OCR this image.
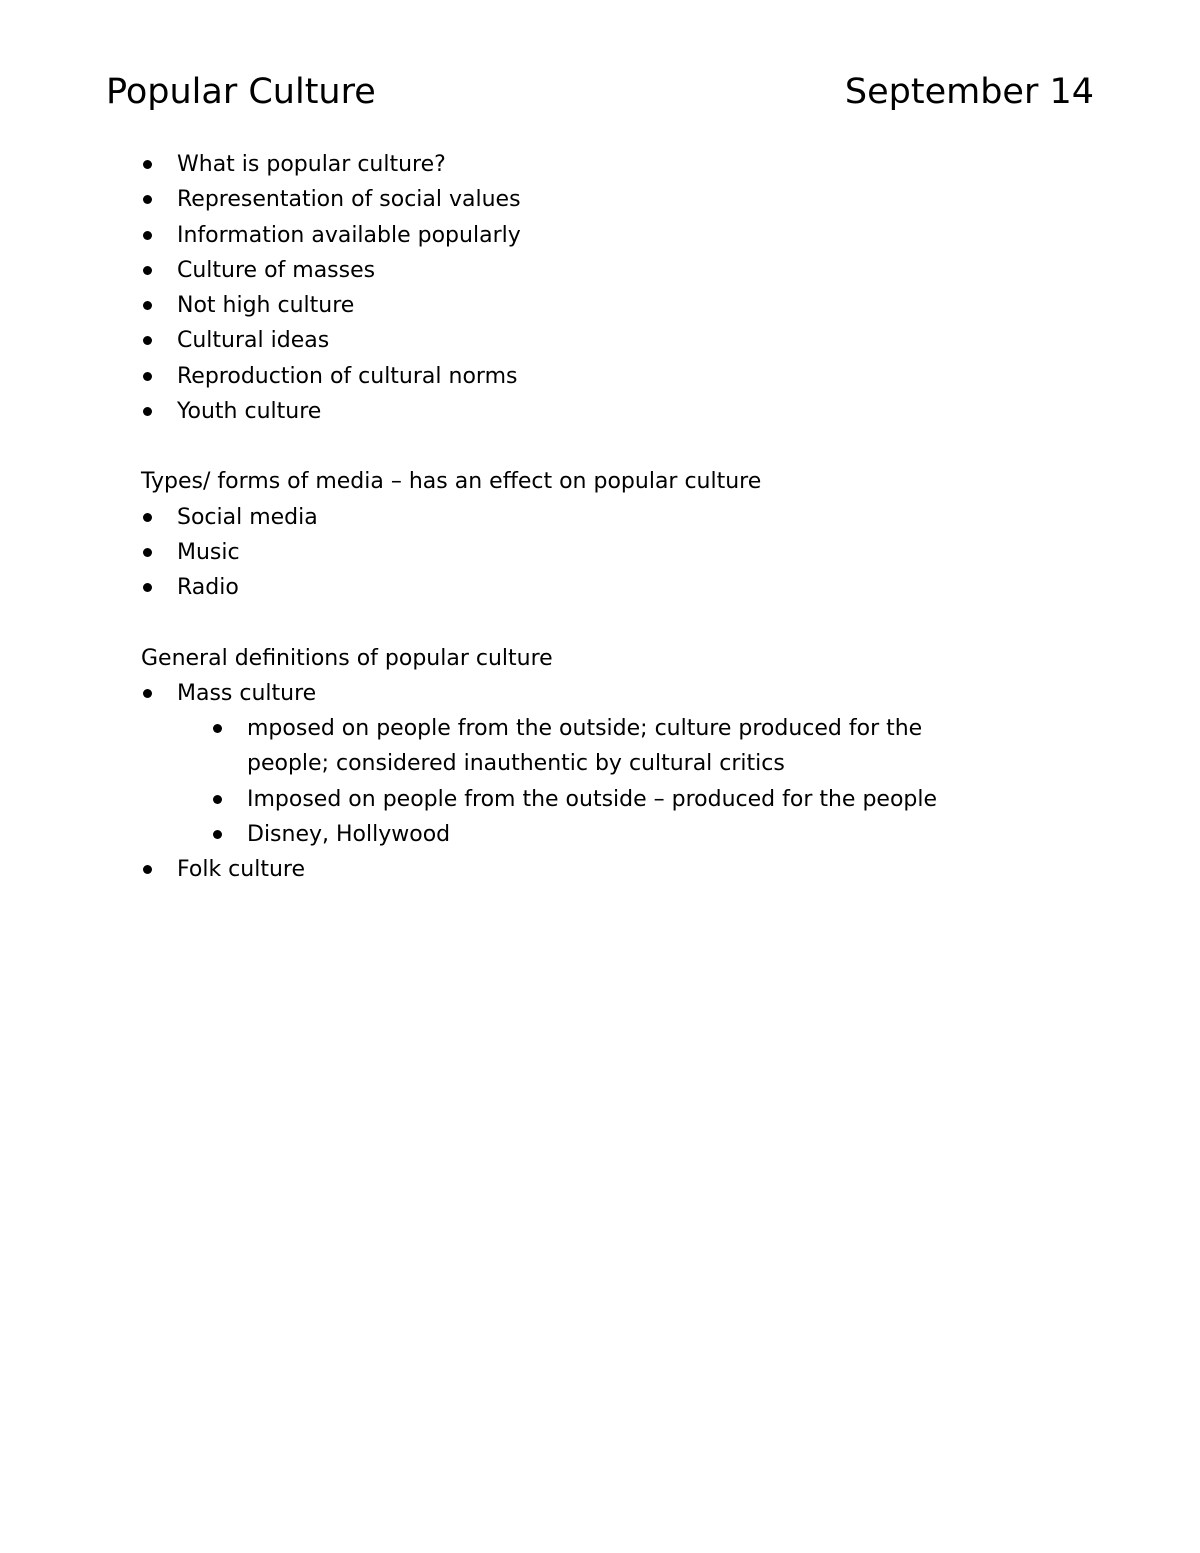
Popular Culture	September 14
What is popular culture?
Representation of social values
Information available popularly
Culture of masses
Not high culture
Cultural ideas
Reproduction of cultural norms
Youth culture
Types/ forms of media – has an effect on popular culture
Social media
Music
Radio
General definitions of popular culture
Mass culture
mposed on people from the outside; culture produced for the people; considered inauthentic by cultural critics
Imposed on people from the outside – produced for the people
Disney, Hollywood
Folk culture
